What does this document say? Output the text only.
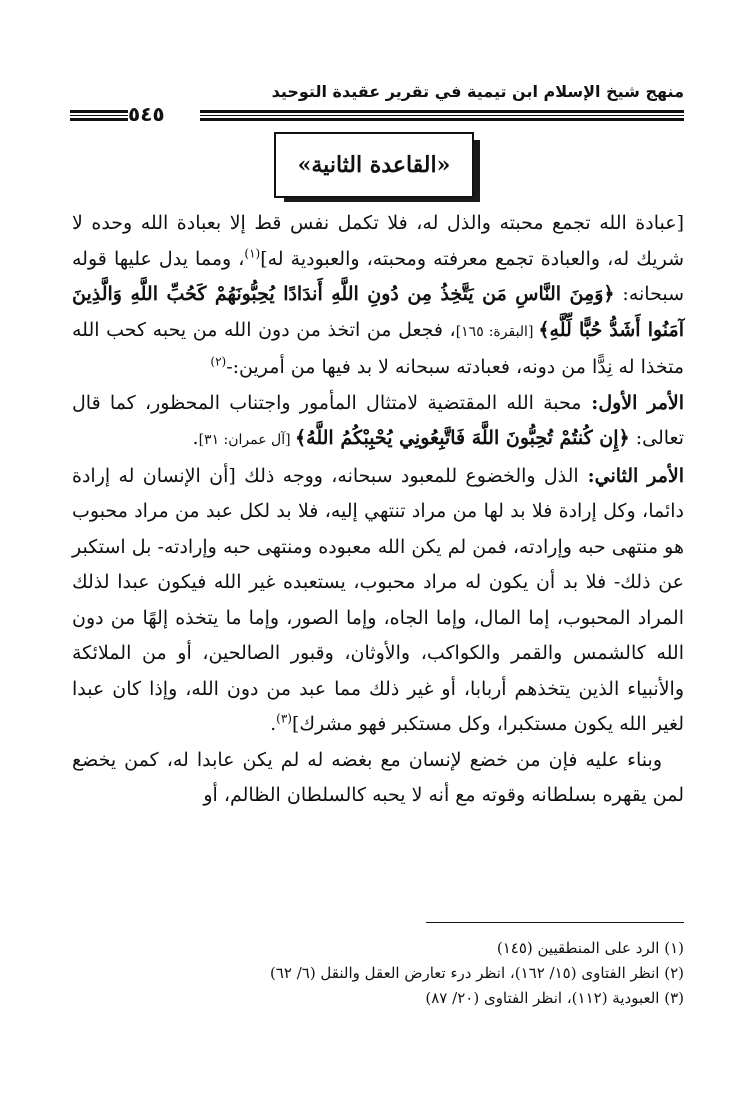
منهج شيخ الإسلام ابن تيمية في تقرير عقيدة التوحيد
٥٤٥
«القاعدة الثانية»

[عبادة الله تجمع محبته والذل له، فلا تكمل نفس قط إلا بعبادة الله وحده لا شريك له، والعبادة تجمع معرفته ومحبته، والعبودية له]$^{(١)}$، ومما يدل عليها قوله سبحانه: ﴿وَمِنَ النَّاسِ مَن يَتَّخِذُ مِن دُونِ اللَّهِ أَندَادًا يُحِبُّونَهُمْ كَحُبِّ اللَّهِ وَالَّذِينَ آمَنُوا أَشَدُّ حُبًّا لِّلَّهِ﴾ [البقرة: ١٦٥]، فجعل من اتخذ من دون الله من يحبه كحب الله متخذا له نِدًّا من دونه، فعبادته سبحانه لا بد فيها من أمرين:-$^{(٢)}$

الأمر الأول: محبة الله المقتضية لامتثال المأمور واجتناب المحظور، كما قال تعالى: ﴿إِن كُنتُمْ تُحِبُّونَ اللَّهَ فَاتَّبِعُونِي يُحْبِبْكُمُ اللَّهُ﴾ [آل عمران: ٣١].

الأمر الثاني: الذل والخضوع للمعبود سبحانه، ووجه ذلك [أن الإنسان له إرادة دائما، وكل إرادة فلا بد لها من مراد تنتهي إليه، فلا بد لكل عبد من مراد محبوب هو منتهى حبه وإرادته، فمن لم يكن الله معبوده ومنتهى حبه وإرادته- بل استكبر عن ذلك- فلا بد أن يكون له مراد محبوب، يستعبده غير الله فيكون عبدا لذلك المراد المحبوب، إما المال، وإما الجاه، وإما الصور، وإما ما يتخذه إلهًا من دون الله كالشمس والقمر والكواكب، والأوثان، وقبور الصالحين، أو من الملائكة والأنبياء الذين يتخذهم أربابا، أو غير ذلك مما عبد من دون الله، وإذا كان عبدا لغير الله يكون مستكبرا، وكل مستكبر فهو مشرك]$^{(٣)}$.

وبناء عليه فإن من خضع لإنسان مع بغضه له لم يكن عابدا له، كمن يخضع لمن يقهره بسلطانه وقوته مع أنه لا يحبه كالسلطان الظالم، أو

(١) الرد على المنطقيين (١٤٥)
(٢) انظر الفتاوى (١٥/ ١٦٢)، انظر درء تعارض العقل والنقل (٦/ ٦٢)
(٣) العبودية (١١٢)، انظر الفتاوى (٢٠/ ٨٧)
